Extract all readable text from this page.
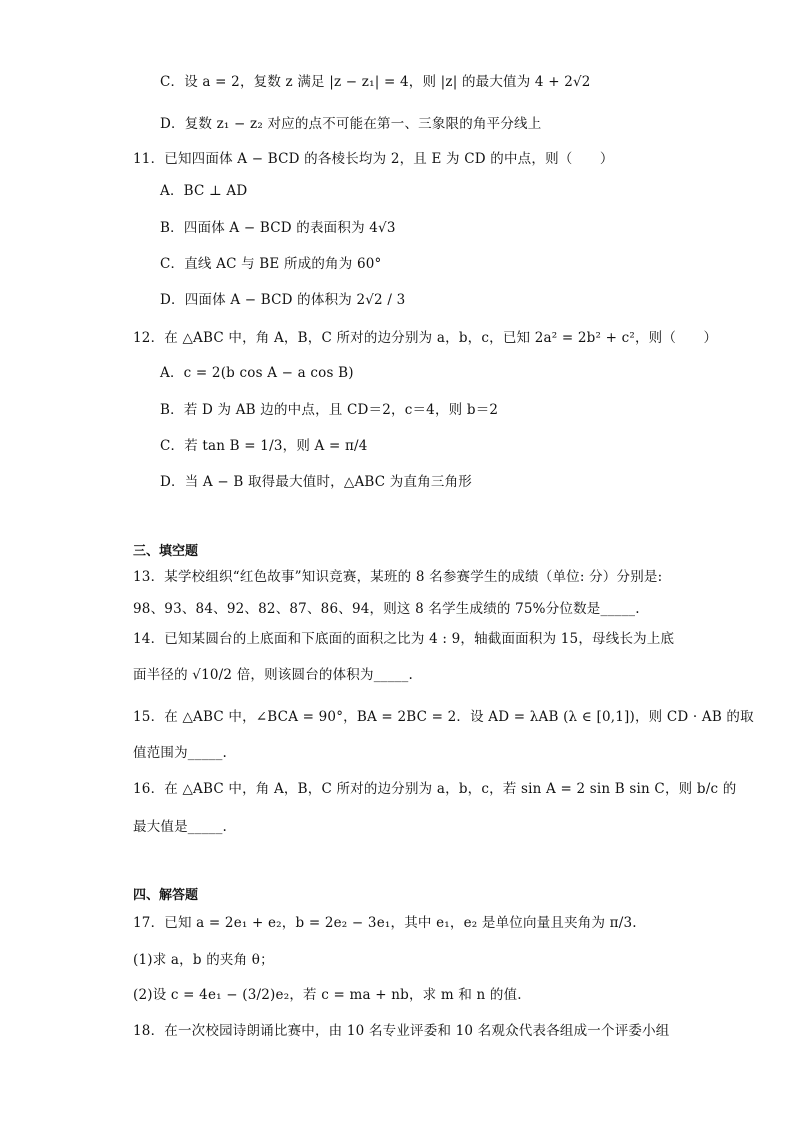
C．设 a = 2，复数 z 满足 |z − z₁| = 4，则 |z| 的最大值为 4 + 2√2
D．复数 z₁ − z₂ 对应的点不可能在第一、三象限的角平分线上
11．已知四面体 A − BCD 的各棱长均为 2，且 E 为 CD 的中点，则（　　）
A．BC ⊥ AD
B．四面体 A − BCD 的表面积为 4√3
C．直线 AC 与 BE 所成的角为 60°
D．四面体 A − BCD 的体积为 2√2 / 3
12．在 △ABC 中，角 A，B，C 所对的边分别为 a，b，c，已知 2a² = 2b² + c²，则（　　）
A．c = 2(b cos A − a cos B)
B．若 D 为 AB 边的中点，且 CD＝2，c＝4，则 b＝2
C．若 tan B = 1/3，则 A = π/4
D．当 A − B 取得最大值时，△ABC 为直角三角形
三、填空题
13．某学校组织“红色故事”知识竞赛，某班的 8 名参赛学生的成绩（单位: 分）分别是:
98、93、84、92、82、87、86、94，则这 8 名学生成绩的 75%分位数是_____.
14．已知某圆台的上底面和下底面的面积之比为 4 : 9，轴截面面积为 15，母线长为上底
面半径的 √10/2 倍，则该圆台的体积为_____.
15．在 △ABC 中，∠BCA = 90°，BA = 2BC = 2．设 AD = λAB (λ ∈ [0,1])，则 CD · AB 的取
值范围为_____.
16．在 △ABC 中，角 A，B，C 所对的边分别为 a，b，c，若 sin A = 2 sin B sin C，则 b/c 的
最大值是_____.
四、解答题
17．已知 a = 2e₁ + e₂，b = 2e₂ − 3e₁，其中 e₁，e₂ 是单位向量且夹角为 π/3.
(1)求 a，b 的夹角 θ；
(2)设 c = 4e₁ − (3/2)e₂，若 c = ma + nb，求 m 和 n 的值.
18．在一次校园诗朗诵比赛中，由 10 名专业评委和 10 名观众代表各组成一个评委小组
